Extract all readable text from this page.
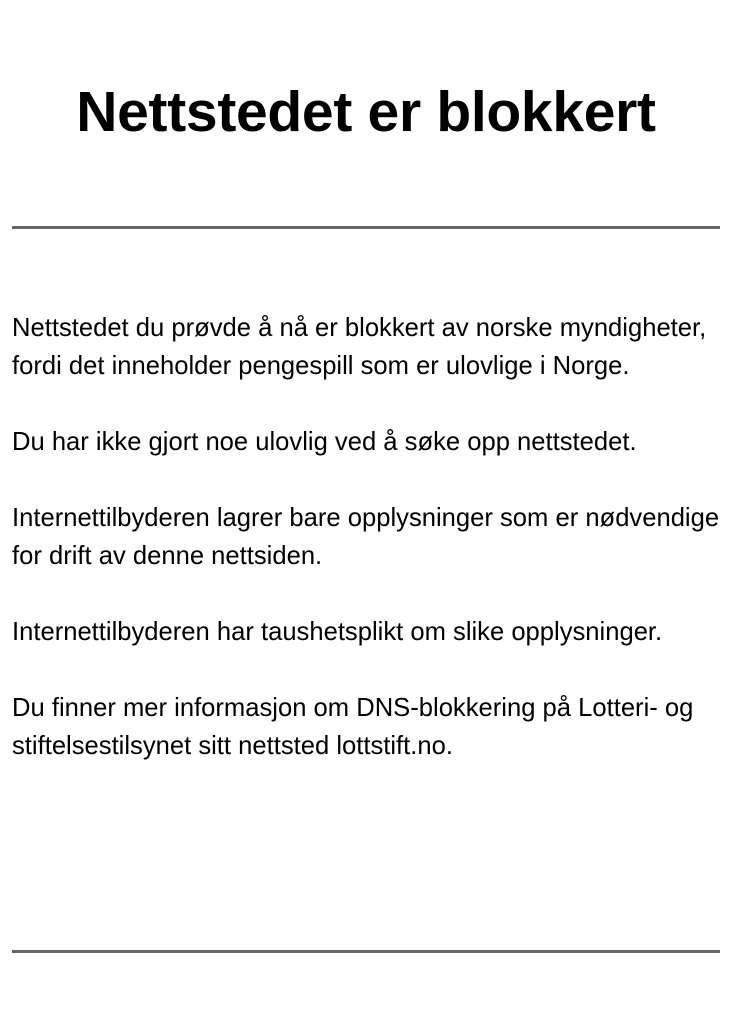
Nettstedet er blokkert

Nettstedet du prøvde å nå er blokkert av norske myndigheter, fordi det inneholder pengespill som er ulovlige i Norge.

Du har ikke gjort noe ulovlig ved å søke opp nettstedet.

Internettilbyderen lagrer bare opplysninger som er nødvendige for drift av denne nettsiden.

Internettilbyderen har taushetsplikt om slike opplysninger.

Du finner mer informasjon om DNS-blokkering på Lotteri- og stiftelsestilsynet sitt nettsted lottstift.no.
